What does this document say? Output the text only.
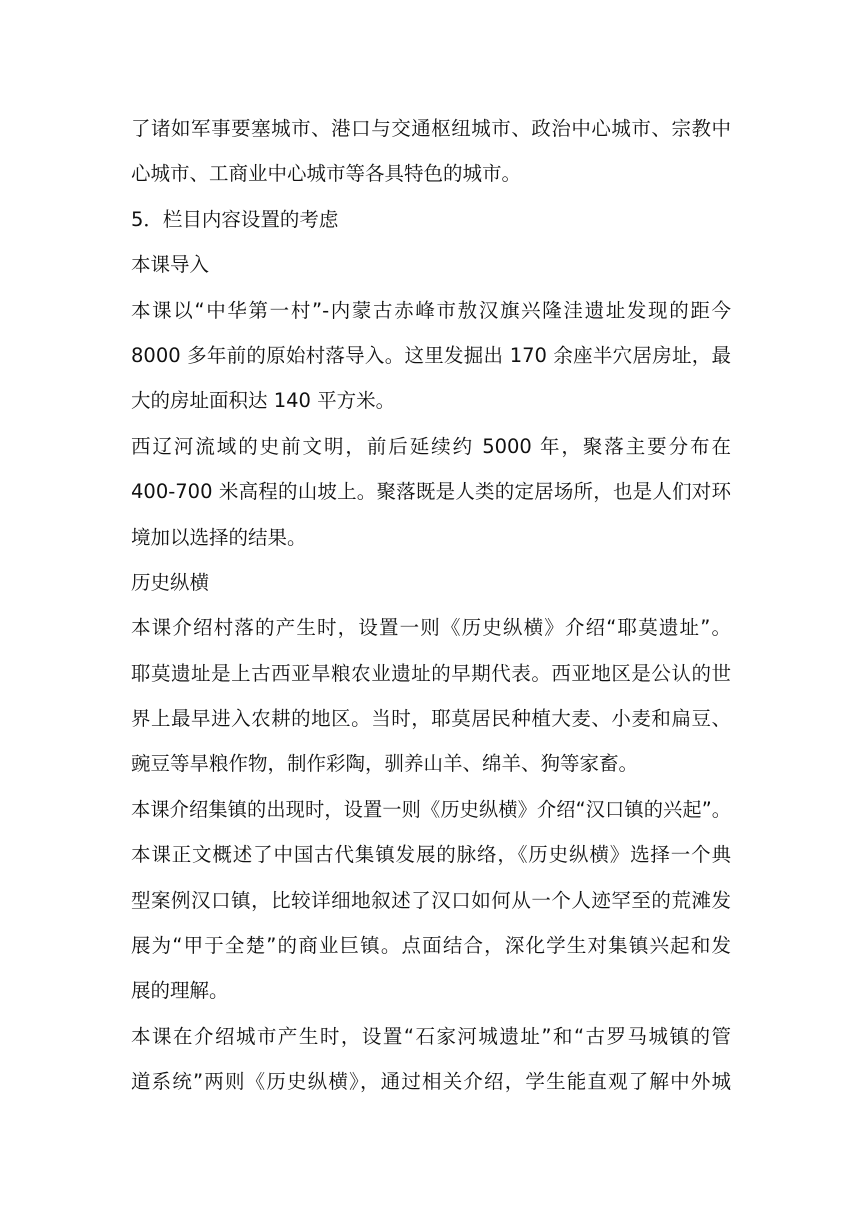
了诸如军事要塞城市、港口与交通枢纽城市、政治中心城市、宗教中
心城市、工商业中心城市等各具特色的城市。
5．栏目内容设置的考虑
本课导入
本课以“中华第一村”-内蒙古赤峰市敖汉旗兴隆洼遗址发现的距今
8000 多年前的原始村落导入。这里发掘出 170 余座半穴居房址，最
大的房址面积达 140 平方米。
西辽河流域的史前文明，前后延续约 5000 年，聚落主要分布在
400-700 米高程的山坡上。聚落既是人类的定居场所，也是人们对环
境加以选择的结果。
历史纵横
本课介绍村落的产生时，设置一则《历史纵横》介绍“耶莫遗址”。
耶莫遗址是上古西亚旱粮农业遗址的早期代表。西亚地区是公认的世
界上最早进入农耕的地区。当时，耶莫居民种植大麦、小麦和扁豆、
豌豆等旱粮作物，制作彩陶，驯养山羊、绵羊、狗等家畜。
本课介绍集镇的出现时，设置一则《历史纵横》介绍“汉口镇的兴起”。
本课正文概述了中国古代集镇发展的脉络，《历史纵横》选择一个典
型案例汉口镇，比较详细地叙述了汉口如何从一个人迹罕至的荒滩发
展为“甲于全楚”的商业巨镇。点面结合，深化学生对集镇兴起和发
展的理解。
本课在介绍城市产生时，设置“石家河城遗址”和“古罗马城镇的管
道系统”两则《历史纵横》，通过相关介绍，学生能直观了解中外城
